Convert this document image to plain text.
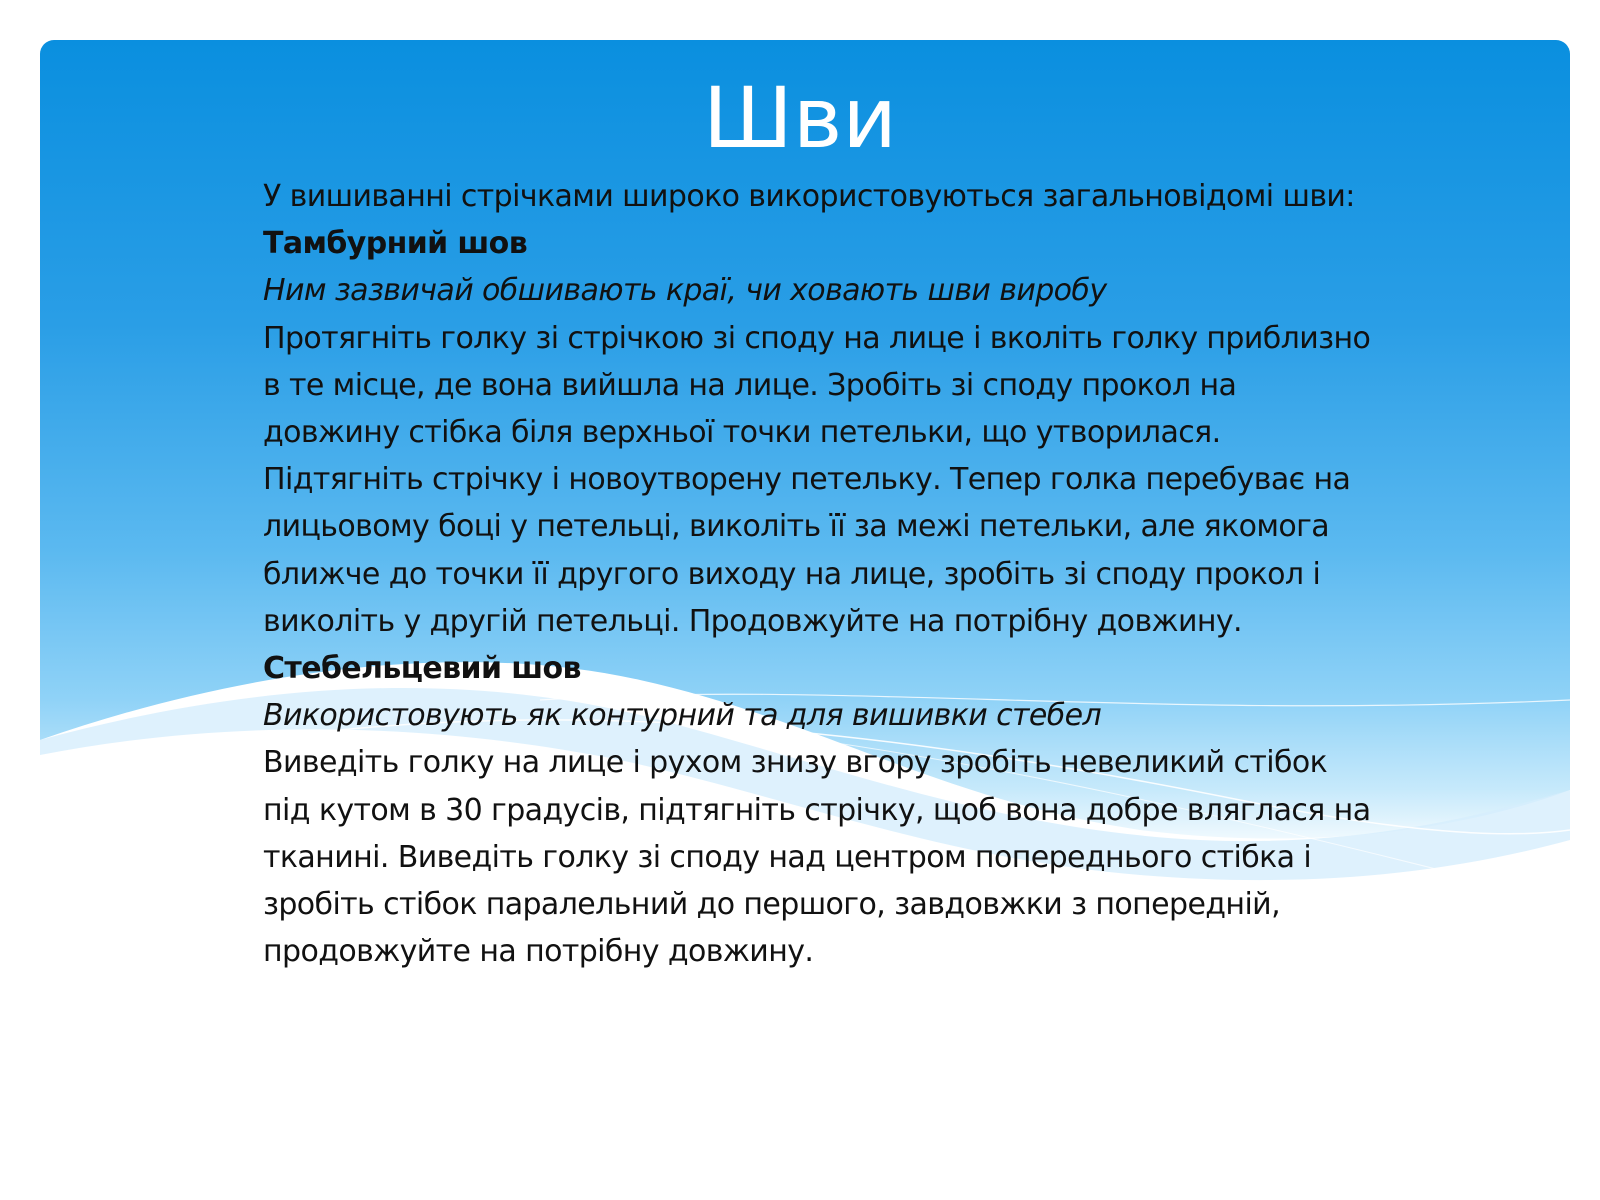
Шви

У вишиванні стрічками широко використовуються загальновідомі шви:

Тамбурний шов

Ним зазвичай обшивають краї, чи ховають шви виробу

Протягніть голку зі стрічкою зі споду на лице і вколіть голку приблизно в те місце, де вона вийшла на лице. Зробіть зі споду прокол на довжину стібка біля верхньої точки петельки, що утворилася. Підтягніть стрічку і новоутворену петельку. Тепер голка перебуває на лицьовому боці у петельці, виколіть її за межі петельки, але якомога ближче до точки її другого виходу на лице, зробіть зі споду прокол і виколіть у другій петельці. Продовжуйте на потрібну довжину.

Стебельцевий шов

Використовують як контурний та для вишивки стебел

Виведіть голку на лице і рухом знизу вгору зробіть невеликий стібок під кутом в 30 градусів, підтягніть стрічку, щоб вона добре вляглася на тканині. Виведіть голку зі споду над центром попереднього стібка і зробіть стібок паралельний до першого, завдовжки з попередній, продовжуйте на потрібну довжину.
